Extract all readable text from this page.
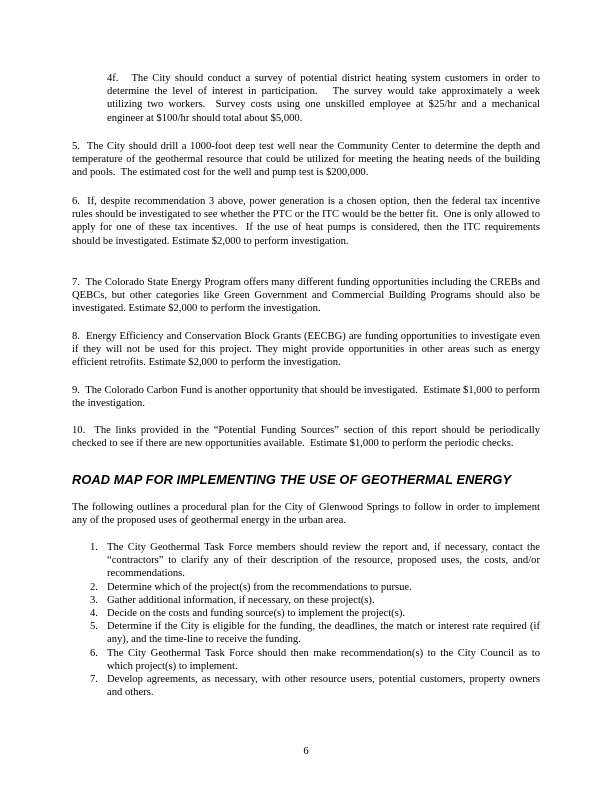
4f.   The City should conduct a survey of potential district heating system customers in order to determine the level of interest in participation.   The survey would take approximately a week utilizing two workers.  Survey costs using one unskilled employee at $25/hr and a mechanical engineer at $100/hr should total about $5,000.

5.  The City should drill a 1000-foot deep test well near the Community Center to determine the depth and temperature of the geothermal resource that could be utilized for meeting the heating needs of the building and pools.  The estimated cost for the well and pump test is $200,000.

6.  If, despite recommendation 3 above, power generation is a chosen option, then the federal tax incentive rules should be investigated to see whether the PTC or the ITC would be the better fit.  One is only allowed to apply for one of these tax incentives.  If the use of heat pumps is considered, then the ITC requirements should be investigated. Estimate $2,000 to perform investigation.

7.  The Colorado State Energy Program offers many different funding opportunities including the CREBs and QEBCs, but other categories like Green Government and Commercial Building Programs should also be investigated. Estimate $2,000 to perform the investigation.

8.  Energy Efficiency and Conservation Block Grants (EECBG) are funding opportunities to investigate even if they will not be used for this project. They might provide opportunities in other areas such as energy efficient retrofits. Estimate $2,000 to perform the investigation.

9.  The Colorado Carbon Fund is another opportunity that should be investigated.  Estimate $1,000 to perform the investigation.

10.  The links provided in the “Potential Funding Sources” section of this report should be periodically checked to see if there are new opportunities available.  Estimate $1,000 to perform the periodic checks.

ROAD MAP FOR IMPLEMENTING THE USE OF GEOTHERMAL ENERGY

The following outlines a procedural plan for the City of Glenwood Springs to follow in order to implement any of the proposed uses of geothermal energy in the urban area.

1. The City Geothermal Task Force members should review the report and, if necessary, contact the “contractors” to clarify any of their description of the resource, proposed uses, the costs, and/or recommendations.
2. Determine which of the project(s) from the recommendations to pursue.
3. Gather additional information, if necessary, on these project(s).
4. Decide on the costs and funding source(s) to implement the project(s).
5. Determine if the City is eligible for the funding, the deadlines, the match or interest rate required (if any), and the time-line to receive the funding.
6. The City Geothermal Task Force should then make recommendation(s) to the City Council as to which project(s) to implement.
7. Develop agreements, as necessary, with other resource users, potential customers, property owners and others.
6
